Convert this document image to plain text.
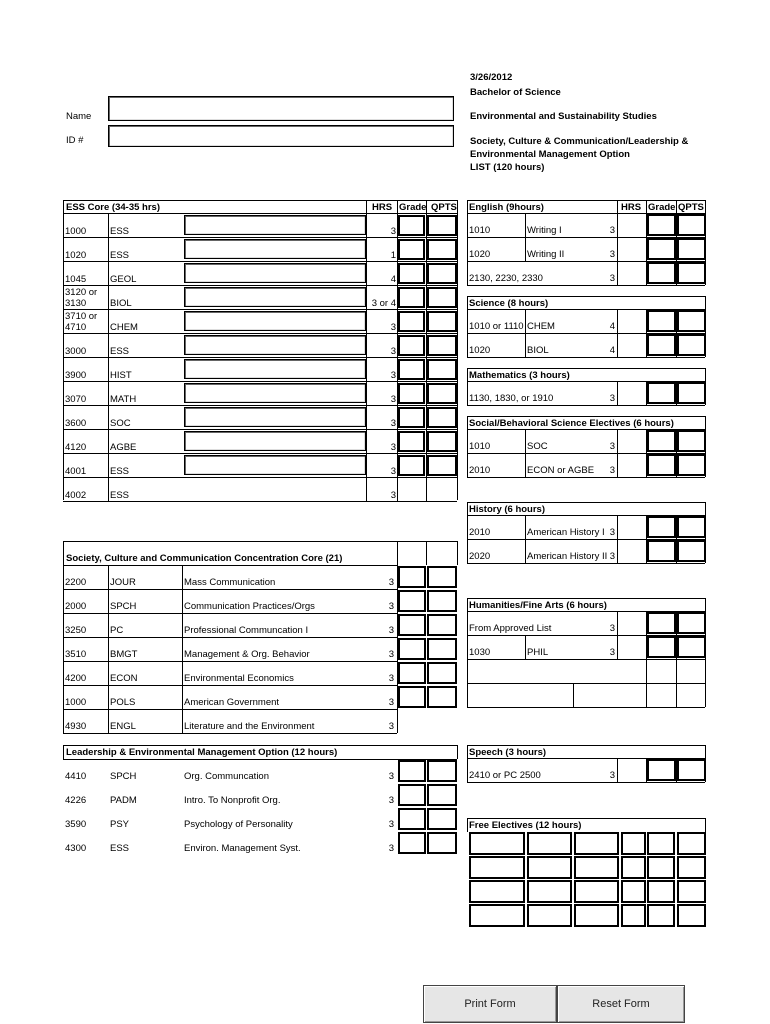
3/26/2012
Bachelor of Science
Environmental and Sustainability Studies
Society, Culture & Communication/Leadership &
Environmental Management Option
LIST (120 hours)
Name
ID #
ESS Core (34-35 hrs)	HRS Grade QPTS
1000	ESS	3
1020	ESS	1
1045	GEOL	4
3120 or
3130	BIOL	3 or 4
3710 or
4710	CHEM	3
3000	ESS	3
3900	HIST	3
3070	MATH	3
3600	SOC	3
4120	AGBE	3
4001	ESS	3
4002	ESS	3
Society, Culture and Communication Concentration Core (21)
2200	JOUR	Mass Communication	3
2000	SPCH	Communication Practices/Orgs	3
3250	PC	Professional Communcation I	3
3510	BMGT	Management & Org. Behavior	3
4200	ECON	Environmental Economics	3
1000	POLS	American Government	3
4930	ENGL	Literature and the Environment	3
Leadership & Environmental Management Option (12 hours)
4410	SPCH	Org. Communcation	3
4226	PADM	Intro. To Nonprofit Org.	3
3590	PSY	Psychology of Personality	3
4300	ESS	Environ. Management Syst.	3
English (9hours)	HRS Grade QPTS
1010	Writing I	3
1020	Writing II	3
2130, 2230, 2330	3
Science (8 hours)
1010 or 1110 CHEM	4
1020	BIOL	4
Mathematics (3 hours)
1130, 1830, or 1910	3
Social/Behavioral Science Electives (6 hours)
1010	SOC	3
2010	ECON or AGBE	3
History (6 hours)
2010	American History I 3
2020	American History II 3
Humanities/Fine Arts (6 hours)
From Approved List	3
1030	PHIL	3
Speech (3 hours)
2410 or PC 2500	3
Free Electives (12 hours)
Print Form	Reset Form
